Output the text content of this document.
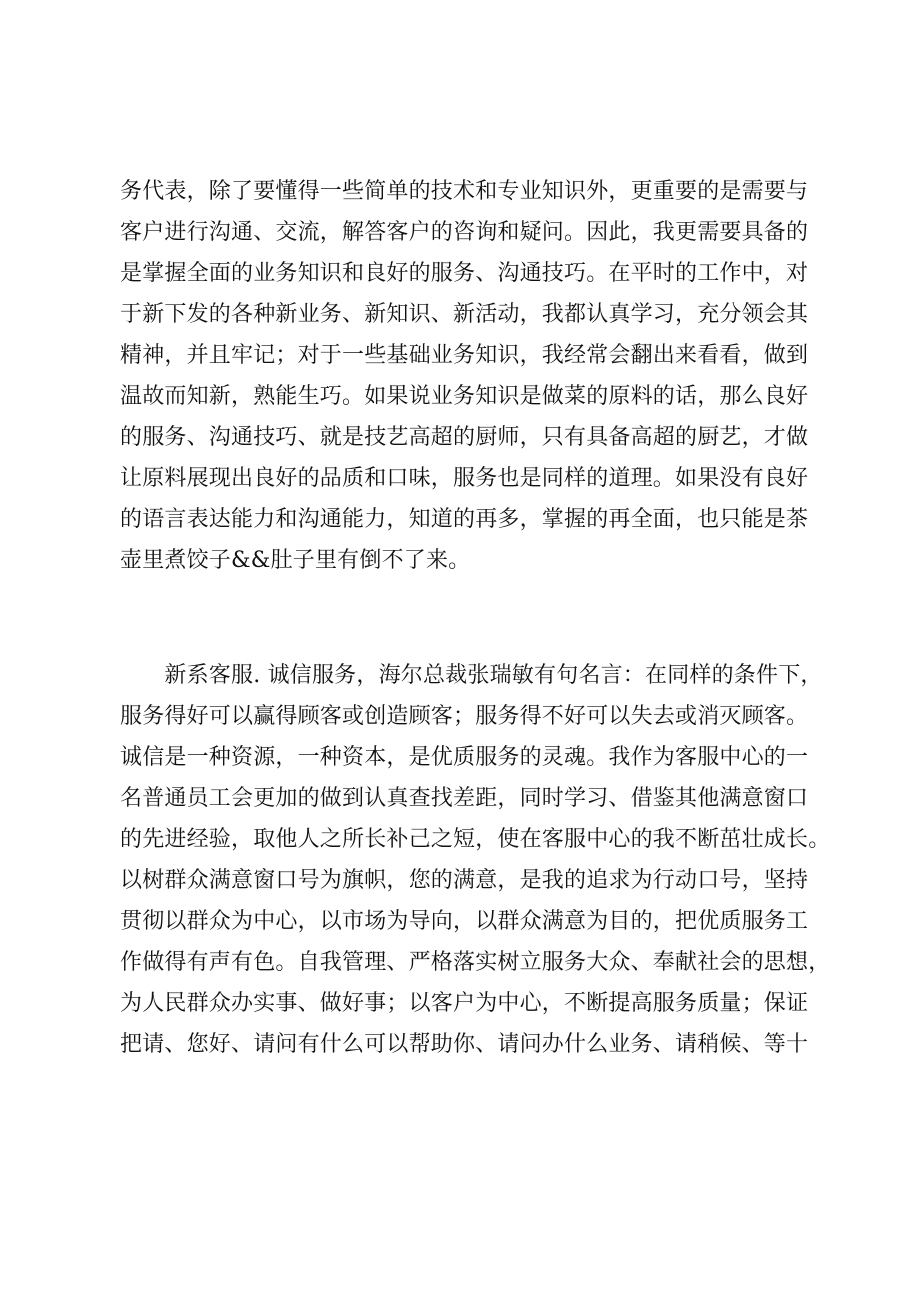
务代表，除了要懂得一些简单的技术和专业知识外，更重要的是需要与
客户进行沟通、交流，解答客户的咨询和疑问。因此，我更需要具备的
是掌握全面的业务知识和良好的服务、沟通技巧。在平时的工作中，对
于新下发的各种新业务、新知识、新活动，我都认真学习，充分领会其
精神，并且牢记；对于一些基础业务知识，我经常会翻出来看看，做到
温故而知新，熟能生巧。如果说业务知识是做菜的原料的话，那么良好
的服务、沟通技巧、就是技艺高超的厨师，只有具备高超的厨艺，才做
让原料展现出良好的品质和口味，服务也是同样的道理。如果没有良好
的语言表达能力和沟通能力，知道的再多，掌握的再全面，也只能是茶
壶里煮饺子&&肚子里有倒不了来。
　　新系客服. 诚信服务，海尔总裁张瑞敏有句名言：在同样的条件下，
服务得好可以赢得顾客或创造顾客；服务得不好可以失去或消灭顾客。
诚信是一种资源，一种资本，是优质服务的灵魂。我作为客服中心的一
名普通员工会更加的做到认真查找差距，同时学习、借鉴其他满意窗口
的先进经验，取他人之所长补己之短，使在客服中心的我不断茁壮成长。
以树群众满意窗口号为旗帜，您的满意，是我的追求为行动口号，坚持
贯彻以群众为中心，以市场为导向，以群众满意为目的，把优质服务工
作做得有声有色。自我管理、严格落实树立服务大众、奉献社会的思想，
为人民群众办实事、做好事；以客户为中心，不断提高服务质量；保证
把请、您好、请问有什么可以帮助你、请问办什么业务、请稍候、等十
